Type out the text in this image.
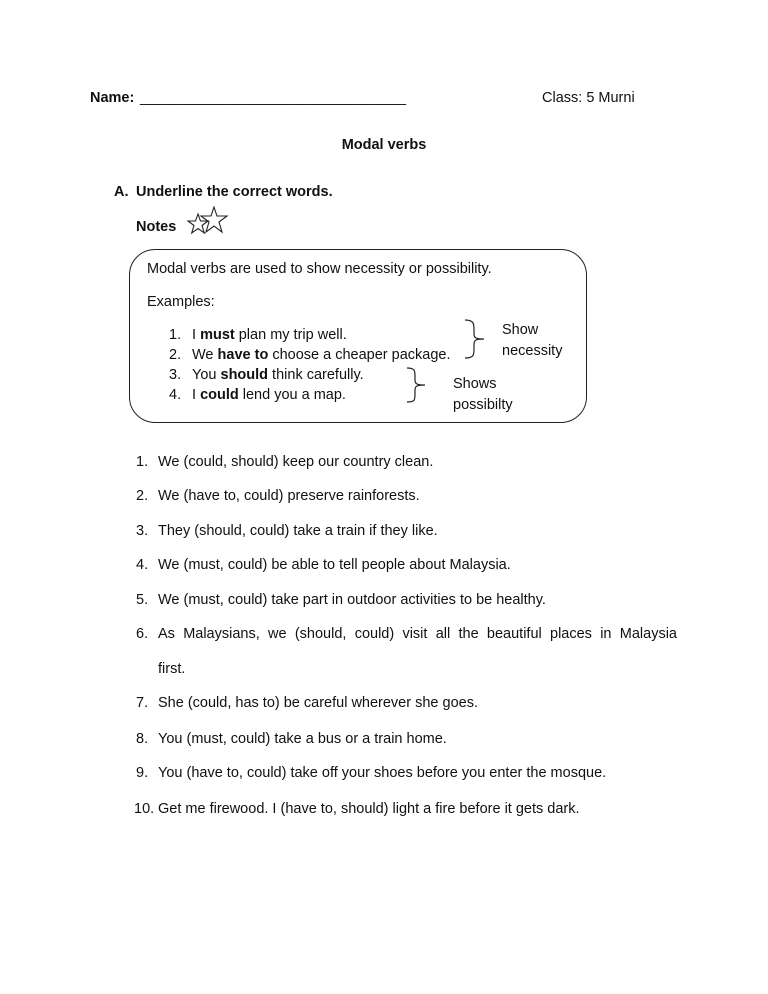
Name: _________________________________	Class: 5 Murni
Modal verbs
A. Underline the correct words.
Notes
Modal verbs are used to show necessity or possibility.
Examples:
1. I must plan my trip well.
2. We have to choose a cheaper package.
3. You should think carefully.
4. I could lend you a map.
Show
necessity
Shows
possibilty
1. We (could, should) keep our country clean.
2. We (have to, could) preserve rainforests.
3. They (should, could) take a train if they like.
4. We (must, could) be able to tell people about Malaysia.
5. We (must, could) take part in outdoor activities to be healthy.
6. As Malaysians, we (should, could) visit all the beautiful places in Malaysia
first.
7. She (could, has to) be careful wherever she goes.
8. You (must, could) take a bus or a train home.
9. You (have to, could) take off your shoes before you enter the mosque.
10. Get me firewood. I (have to, should) light a fire before it gets dark.
